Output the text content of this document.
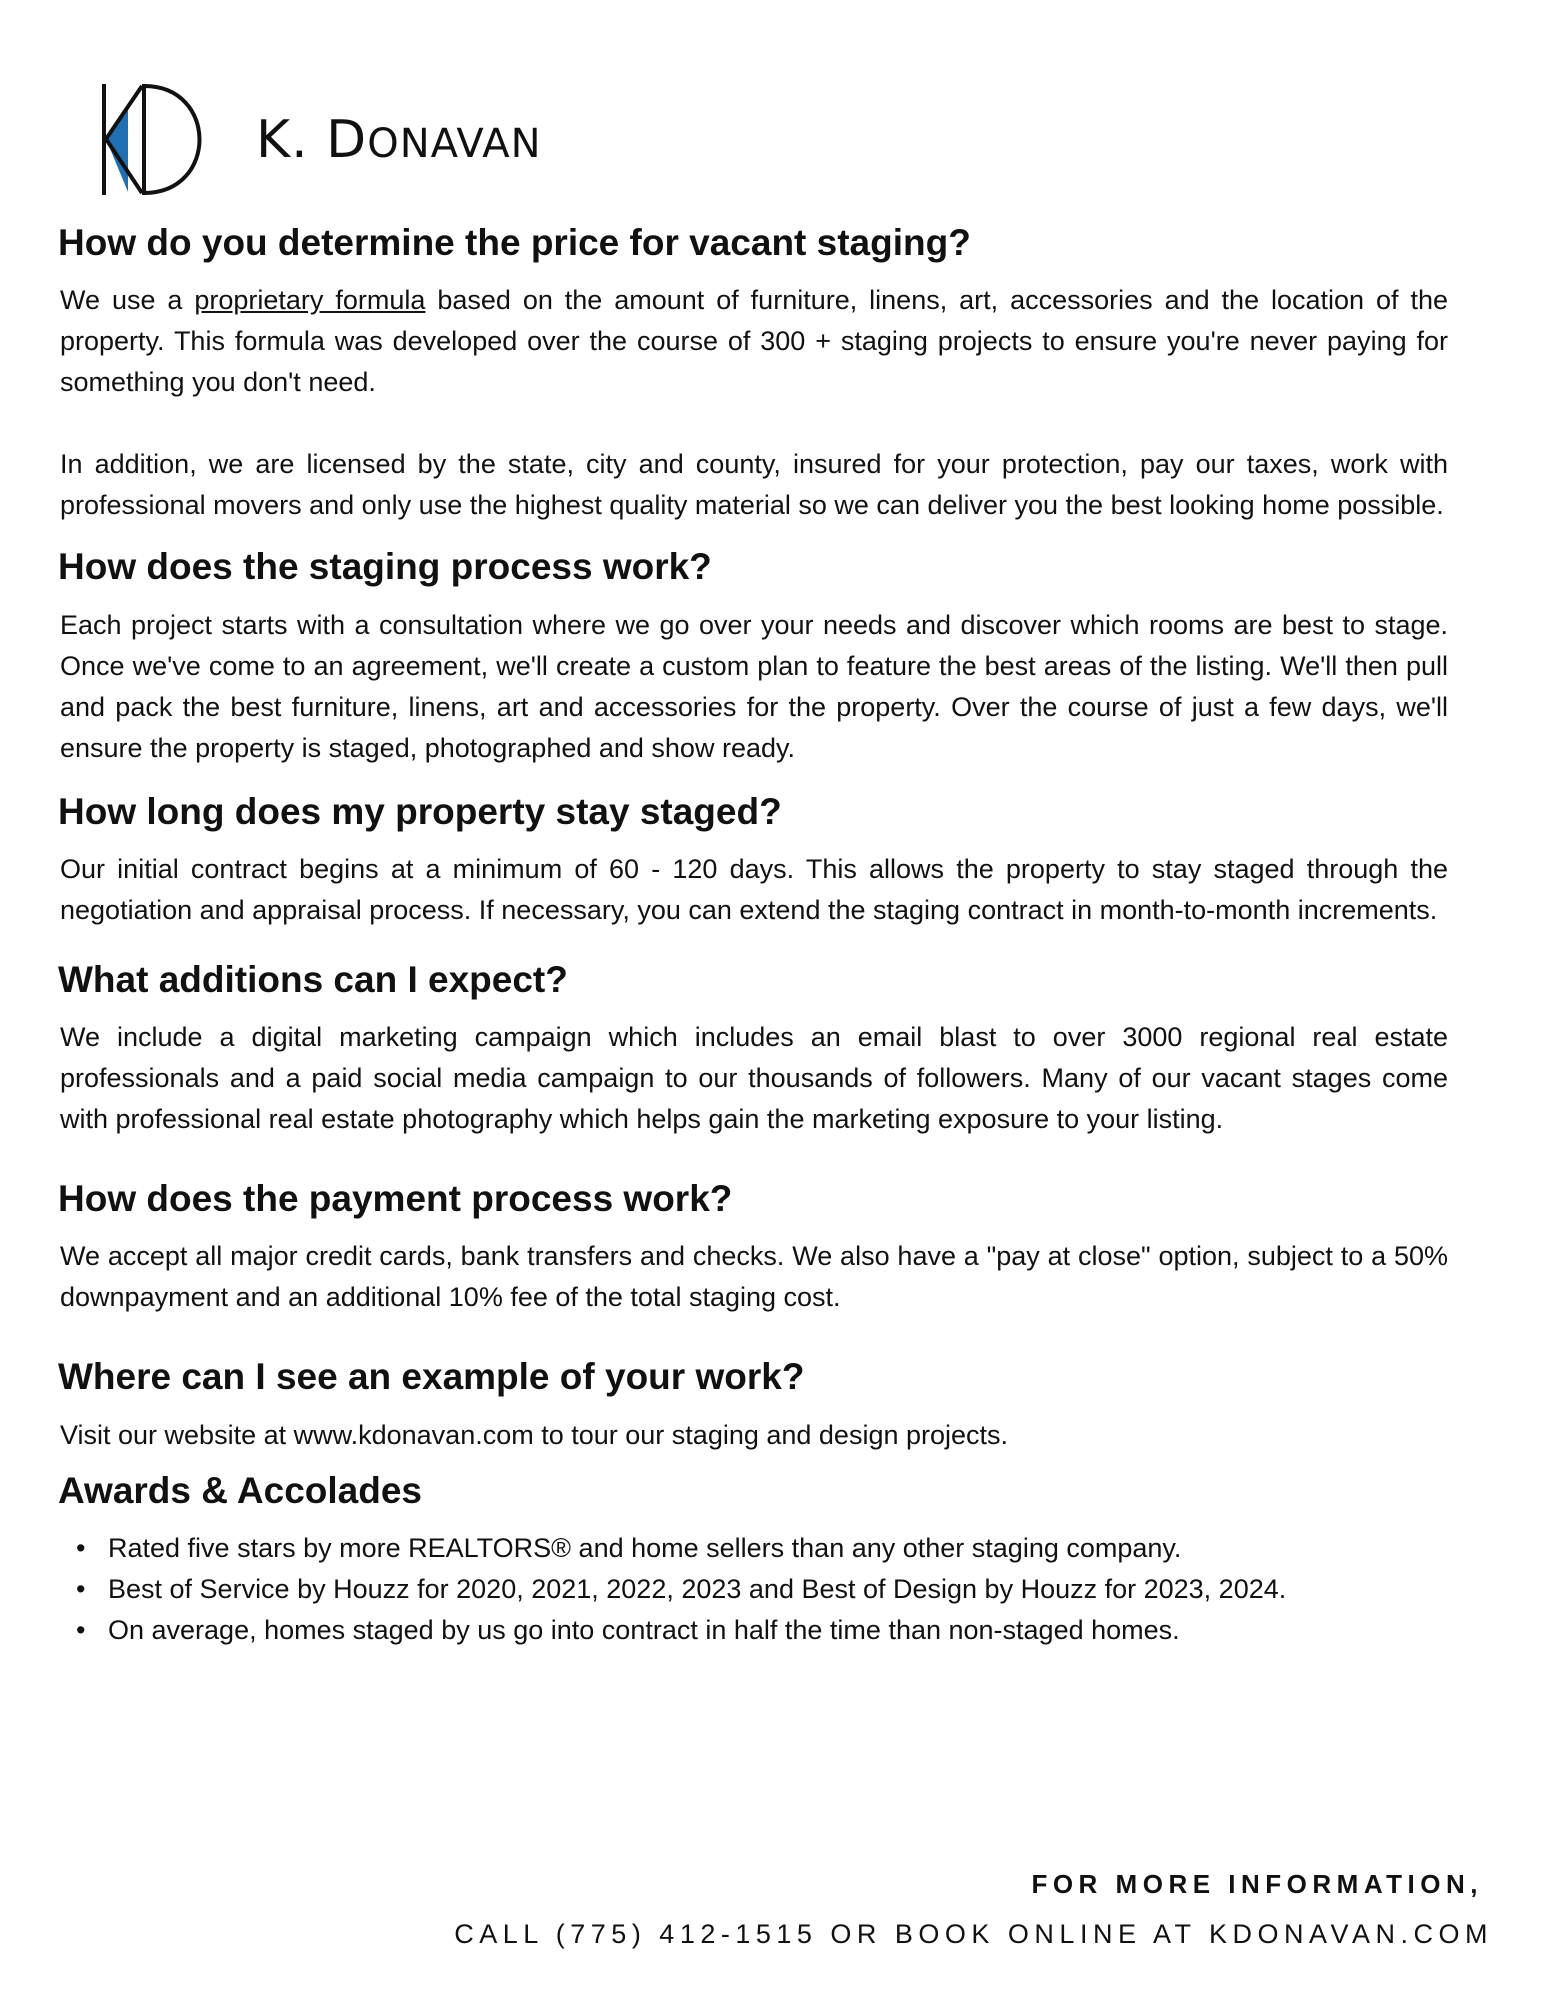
K. DONAVAN
How do you determine the price for vacant staging?

We use a proprietary formula based on the amount of furniture, linens, art, accessories and the location of the property. This formula was developed over the course of 300 + staging projects to ensure you're never paying for something you don't need.

In addition, we are licensed by the state, city and county, insured for your protection, pay our taxes, work with professional movers and only use the highest quality material so we can deliver you the best looking home possible.

How does the staging process work?

Each project starts with a consultation where we go over your needs and discover which rooms are best to stage. Once we've come to an agreement, we'll create a custom plan to feature the best areas of the listing. We'll then pull and pack the best furniture, linens, art and accessories for the property. Over the course of just a few days, we'll ensure the property is staged, photographed and show ready.

How long does my property stay staged?

Our initial contract begins at a minimum of 60 - 120 days. This allows the property to stay staged through the negotiation and appraisal process. If necessary, you can extend the staging contract in month-to-month increments.

What additions can I expect?

We include a digital marketing campaign which includes an email blast to over 3000 regional real estate professionals and a paid social media campaign to our thousands of followers. Many of our vacant stages come with professional real estate photography which helps gain the marketing exposure to your listing.

How does the payment process work?

We accept all major credit cards, bank transfers and checks. We also have a "pay at close" option, subject to a 50% downpayment and an additional 10% fee of the total staging cost.

Where can I see an example of your work?

Visit our website at www.kdonavan.com to tour our staging and design projects.

Awards & Accolades
• Rated five stars by more REALTORS® and home sellers than any other staging company.
• Best of Service by Houzz for 2020, 2021, 2022, 2023 and Best of Design by Houzz for 2023, 2024.
• On average, homes staged by us go into contract in half the time than non-staged homes.

FOR MORE INFORMATION,

CALL (775) 412-1515 OR BOOK ONLINE AT KDONAVAN.COM
